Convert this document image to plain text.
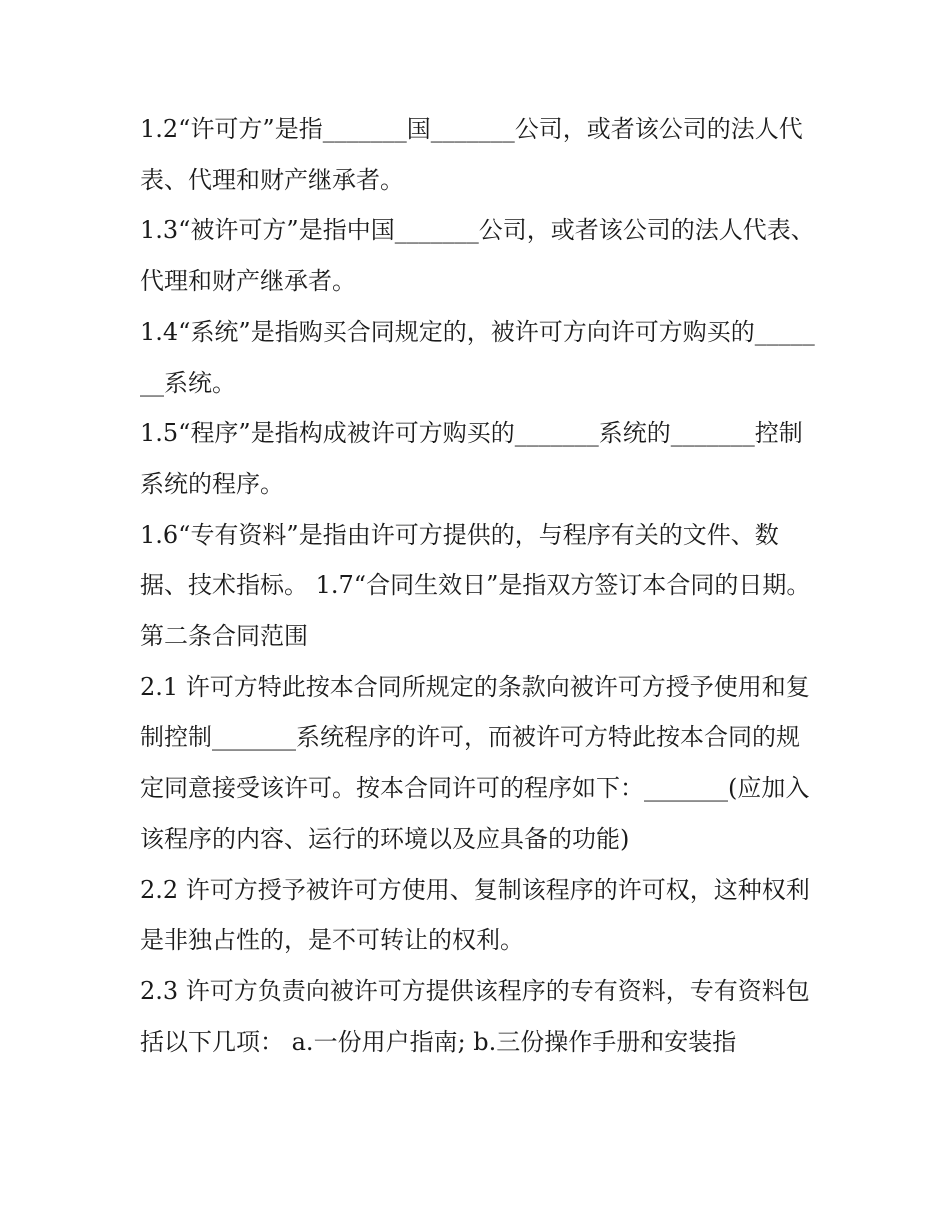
1.2“许可方”是指_______国_______公司，或者该公司的法人代表、代理和财产继承者。

1.3“被许可方”是指中国_______公司，或者该公司的法人代表、代理和财产继承者。

1.4“系统”是指购买合同规定的，被许可方向许可方购买的_______系统。

1.5“程序”是指构成被许可方购买的_______系统的_______控制系统的程序。

1.6“专有资料”是指由许可方提供的，与程序有关的文件、数据、技术指标。 1.7“合同生效日”是指双方签订本合同的日期。 第二条合同范围

2.1 许可方特此按本合同所规定的条款向被许可方授予使用和复制控制_______系统程序的许可，而被许可方特此按本合同的规定同意接受该许可。按本合同许可的程序如下：_______(应加入该程序的内容、运行的环境以及应具备的功能)

2.2 许可方授予被许可方使用、复制该程序的许可权，这种权利是非独占性的，是不可转让的权利。

2.3 许可方负责向被许可方提供该程序的专有资料，专有资料包括以下几项： a.一份用户指南; b.三份操作手册和安装指
